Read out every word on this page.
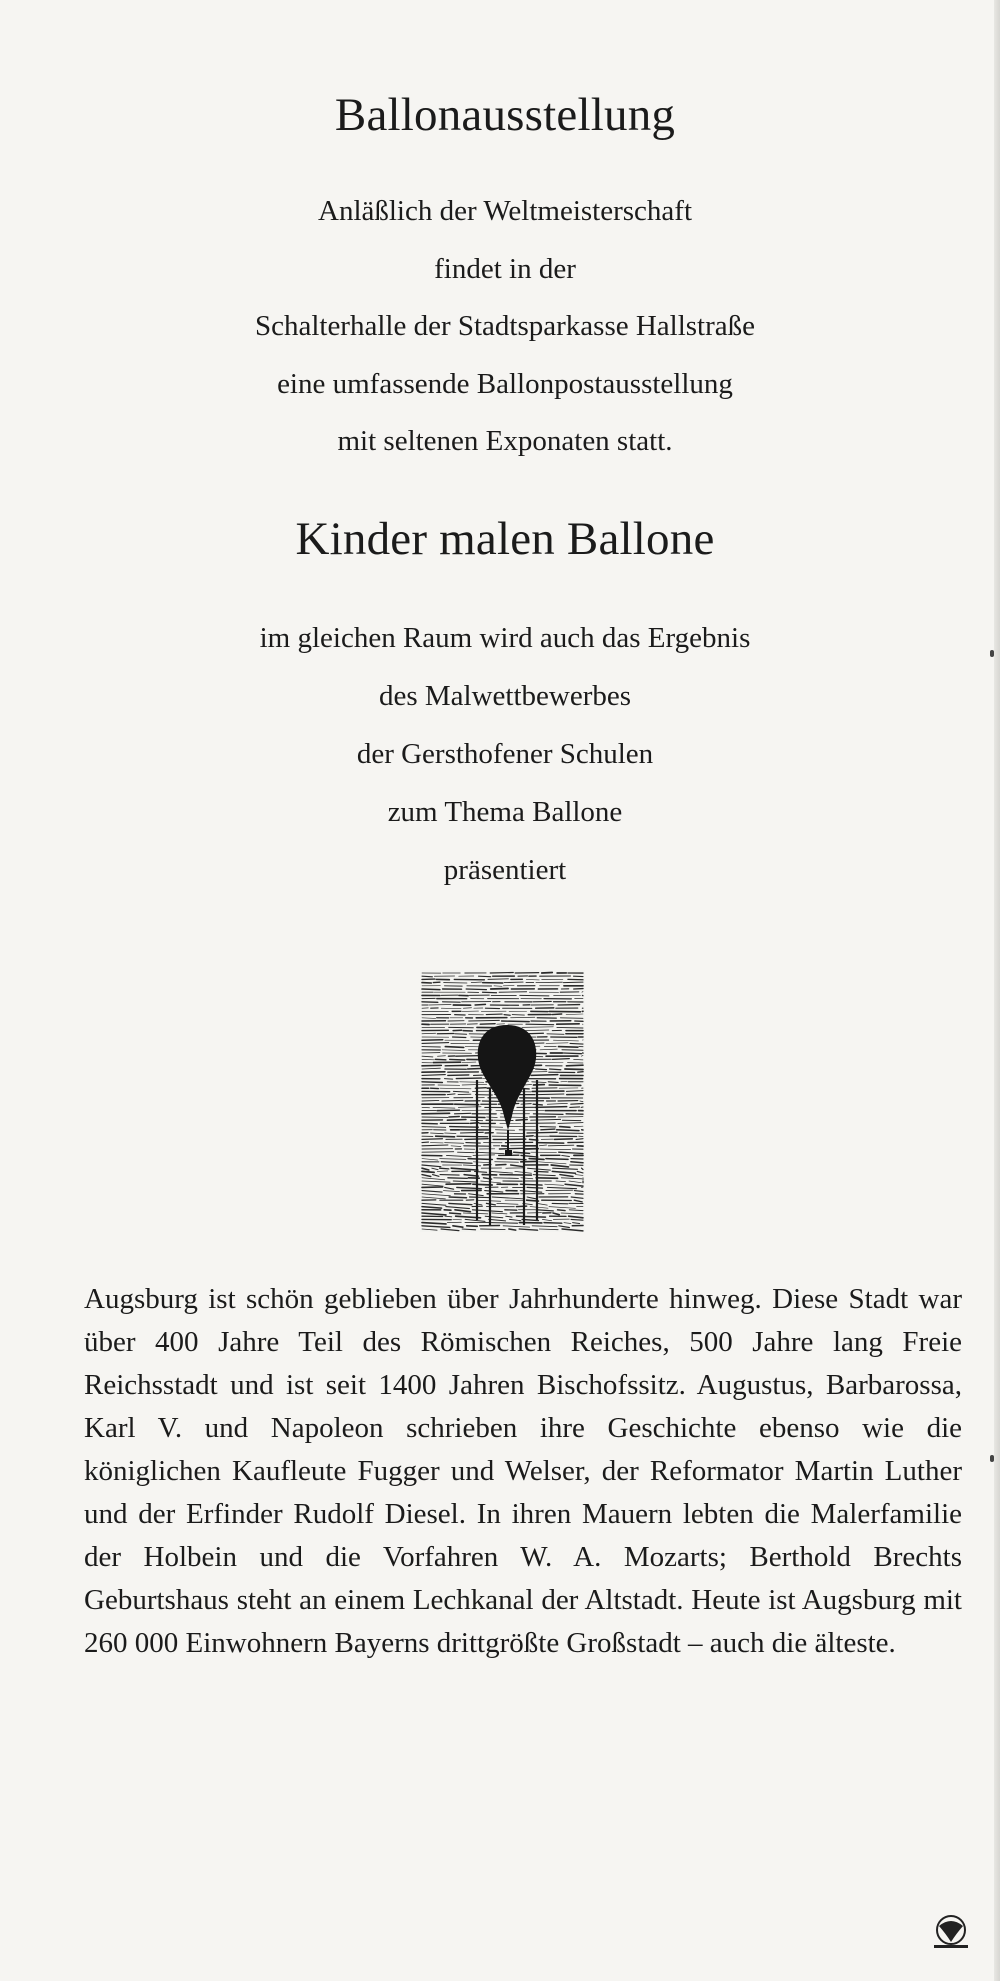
Ballonausstellung
Anläßlich der Weltmeisterschaft
findet in der
Schalterhalle der Stadtsparkasse Hallstraße
eine umfassende Ballonpostausstellung
mit seltenen Exponaten statt.
Kinder malen Ballone
im gleichen Raum wird auch das Ergebnis
des Malwettbewerbes
der Gersthofener Schulen
zum Thema Ballone
präsentiert
Augsburg ist schön geblieben über Jahrhunderte hinweg. Diese Stadt war über 400 Jahre Teil des Römischen Reiches, 500 Jahre lang Freie Reichsstadt und ist seit 1400 Jahren Bischofssitz. Augustus, Barbarossa, Karl V. und Napoleon schrieben ihre Geschichte ebenso wie die königlichen Kaufleute Fugger und Welser, der Reformator Martin Luther und der Erfinder Rudolf Diesel. In ihren Mauern lebten die Malerfamilie der Holbein und die Vorfahren W. A. Mozarts; Berthold Brechts Geburtshaus steht an einem Lechkanal der Altstadt. Heute ist Augsburg mit 260 000 Einwohnern Bayerns drittgrößte Großstadt – auch die älteste.
